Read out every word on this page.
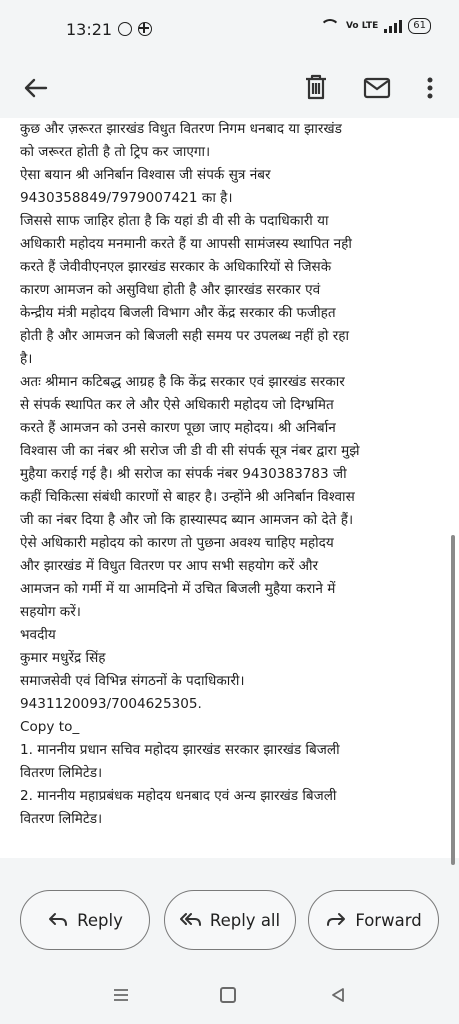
13:21	Vo LTE	61

कुछ और ज़रूरत झारखंड विधुत वितरण निगम धनबाद या झारखंड

को जरूरत होती है तो ट्रिप कर जाएगा।

ऐसा बयान श्री अनिर्बान विश्वास जी संपर्क सुत्र नंबर

9430358849/7979007421 का है।

जिससे साफ जाहिर होता है कि यहां डी वी सी के पदाधिकारी या

अधिकारी महोदय मनमानी करते हैं या आपसी सामंजस्य स्थापित नही

करते हैं जेवीवीएनएल झारखंड सरकार के अधिकारियों से जिसके

कारण आमजन को असुविधा होती है और झारखंड सरकार एवं

केन्द्रीय मंत्री महोदय बिजली विभाग और केंद्र सरकार की फजीहत

होती है और आमजन को बिजली सही समय पर उपलब्ध नहीं हो रहा

है।

अतः श्रीमान कटिबद्ध आग्रह है कि केंद्र सरकार एवं झारखंड सरकार

से संपर्क स्थापित कर ले और ऐसे अधिकारी महोदय जो दिग्भ्रमित

करते हैं आमजन को उनसे कारण पूछा जाए महोदय। श्री अनिर्बान

विश्वास जी का नंबर श्री सरोज जी डी वी सी संपर्क सूत्र नंबर द्वारा मुझे

मुहैया कराई गई है। श्री सरोज का संपर्क नंबर 9430383783 जी

कहीं चिकित्सा संबंधी कारणों से बाहर है। उन्होंने श्री अनिर्बान विश्वास

जी का नंबर दिया है और जो कि हास्यास्पद ब्यान आमजन को देते हैं।

ऐसे अधिकारी महोदय को कारण तो पुछना अवश्य चाहिए महोदय

और झारखंड में विधुत वितरण पर आप सभी सहयोग करें और

आमजन को गर्मी में या आमदिनो में उचित बिजली मुहैया कराने में

सहयोग करें।

भवदीय

कुमार मधुरेंद्र सिंह

समाजसेवी एवं विभिन्न संगठनों के पदाधिकारी।

9431120093/7004625305.

Copy to_

1. माननीय प्रधान सचिव महोदय झारखंड सरकार झारखंड बिजली

वितरण लिमिटेड।

2. माननीय महाप्रबंधक महोदय धनबाद एवं अन्य झारखंड बिजली

वितरण लिमिटेड।

Reply	Reply all	Forward
